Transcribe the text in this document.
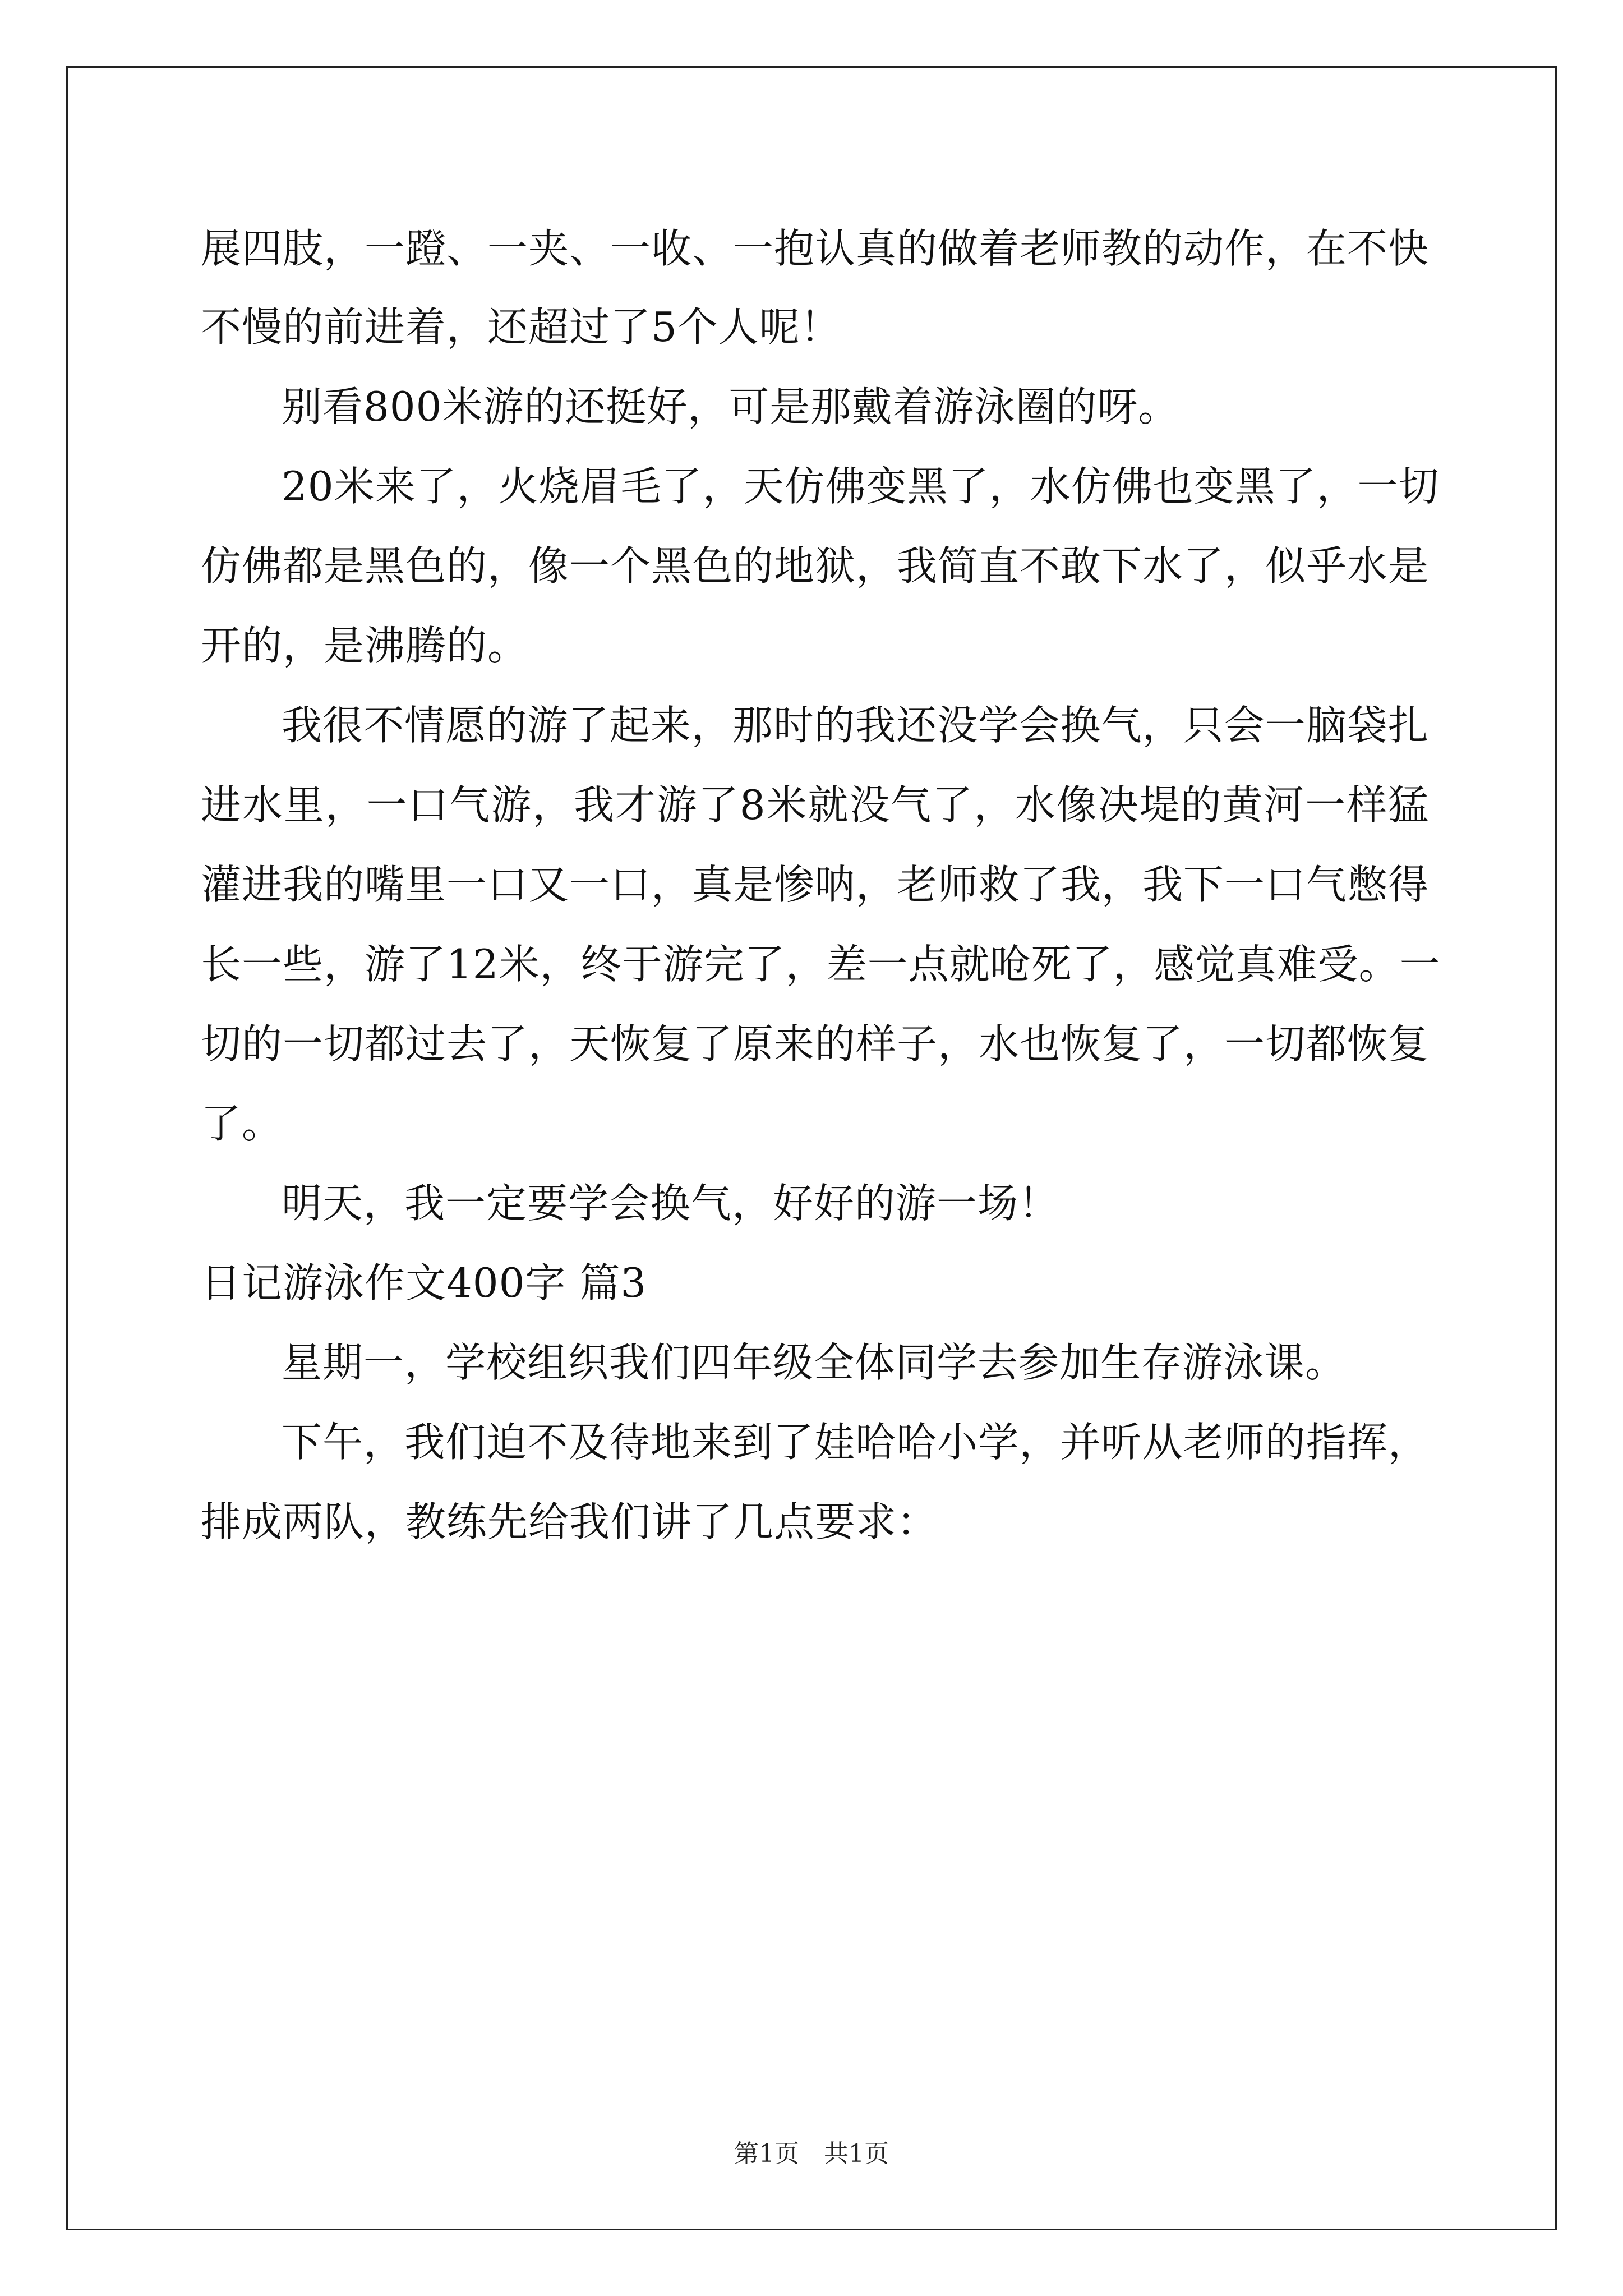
展四肢，一蹬、一夹、一收、一抱认真的做着老师教的动作，在不快
不慢的前进着，还超过了5个人呢！
别看800米游的还挺好，可是那戴着游泳圈的呀。
20米来了，火烧眉毛了，天仿佛变黑了，水仿佛也变黑了，一切
仿佛都是黑色的，像一个黑色的地狱，我简直不敢下水了，似乎水是
开的，是沸腾的。
我很不情愿的游了起来，那时的我还没学会换气，只会一脑袋扎
进水里，一口气游，我才游了8米就没气了，水像决堤的黄河一样猛
灌进我的嘴里一口又一口，真是惨呐，老师救了我，我下一口气憋得
长一些，游了12米，终于游完了，差一点就呛死了，感觉真难受。一
切的一切都过去了，天恢复了原来的样子，水也恢复了，一切都恢复
了。
明天，我一定要学会换气，好好的游一场！
日记游泳作文400字 篇3
星期一，学校组织我们四年级全体同学去参加生存游泳课。
下午，我们迫不及待地来到了娃哈哈小学，并听从老师的指挥，
排成两队，教练先给我们讲了几点要求：
第1页　共1页
